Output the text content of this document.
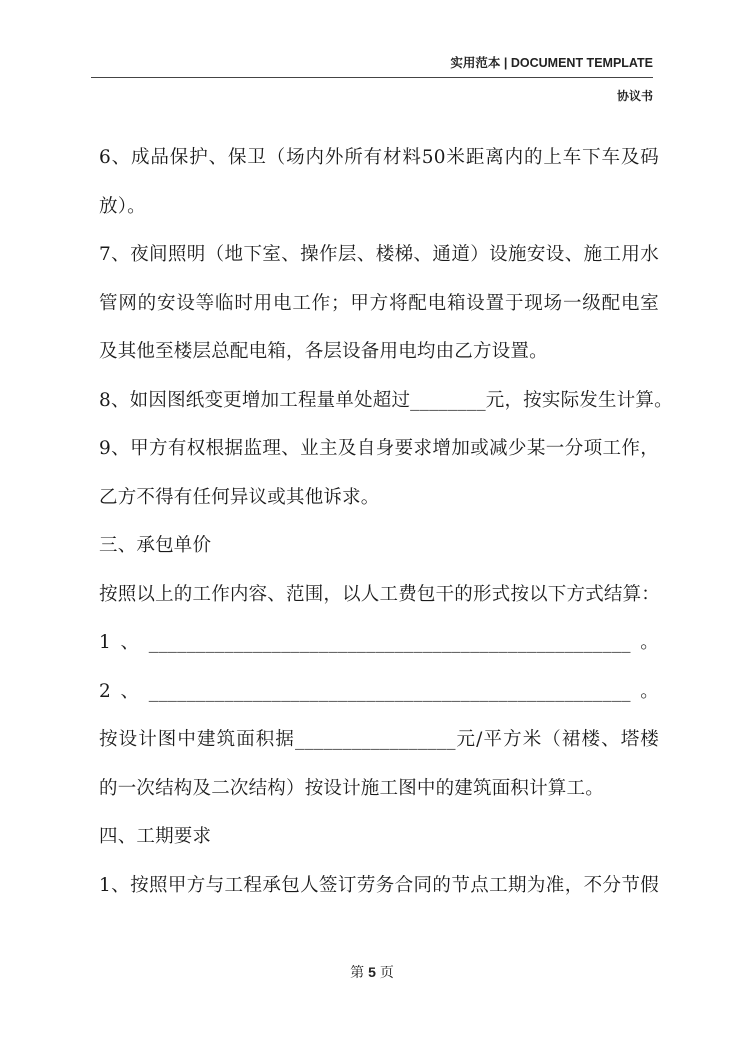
实用范本 | DOCUMENT TEMPLATE
协议书
6、成品保护、保卫（场内外所有材料50米距离内的上车下车及码
放）。
7、夜间照明（地下室、操作层、楼梯、通道）设施安设、施工用水
管网的安设等临时用电工作；甲方将配电箱设置于现场一级配电室
及其他至楼层总配电箱，各层设备用电均由乙方设置。
8、如因图纸变更增加工程量单处超过________元，按实际发生计算。
9、甲方有权根据监理、业主及自身要求增加或减少某一分项工作，
乙方不得有任何异议或其他诉求。
三、承包单价
按照以上的工作内容、范围，以人工费包干的形式按以下方式结算：
1、___________________________________________________。
2、___________________________________________________。
按设计图中建筑面积据_________________元/平方米（裙楼、塔楼
的一次结构及二次结构）按设计施工图中的建筑面积计算工。
四、工期要求
1、按照甲方与工程承包人签订劳务合同的节点工期为准，不分节假
第 5 页
